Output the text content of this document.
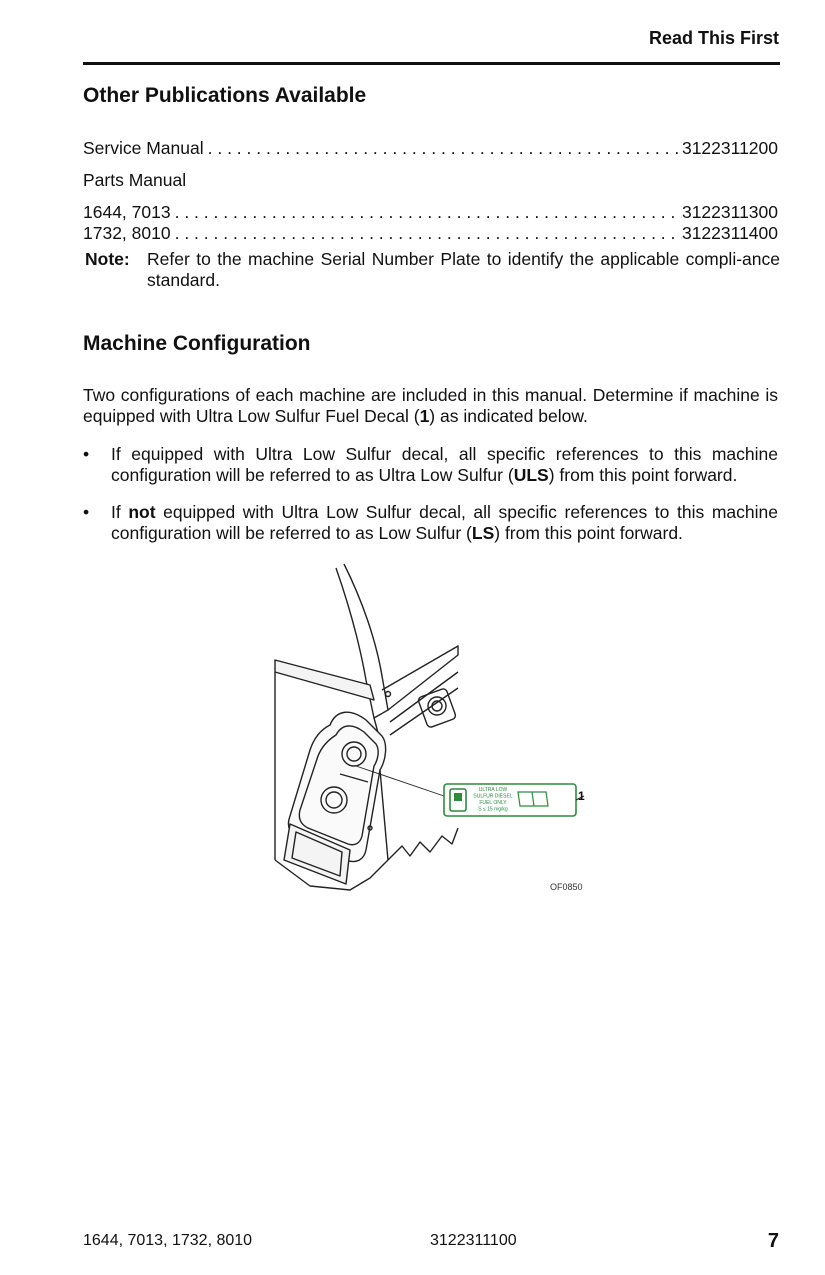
Read This First
Other Publications Available
Service Manual . . .	3122311200
Parts Manual
1644, 7013 . . .	3122311300
1732, 8010 . . .	3122311400
Note: Refer to the machine Serial Number Plate to identify the applicable compli-ance standard.
Machine Configuration
Two configurations of each machine are included in this manual. Determine if machine is equipped with Ultra Low Sulfur Fuel Decal (1) as indicated below.
•	If equipped with Ultra Low Sulfur decal, all specific references to this machine configuration will be referred to as Ultra Low Sulfur (ULS) from this point forward.
•	If not equipped with Ultra Low Sulfur decal, all specific references to this machine configuration will be referred to as Low Sulfur (LS) from this point forward.
ULTRA LOW
SULFUR DIESEL
FUEL ONLY
S ≤ 15 mg/kg
1
OF0850
1644, 7013, 1732, 8010	3122311100	7
